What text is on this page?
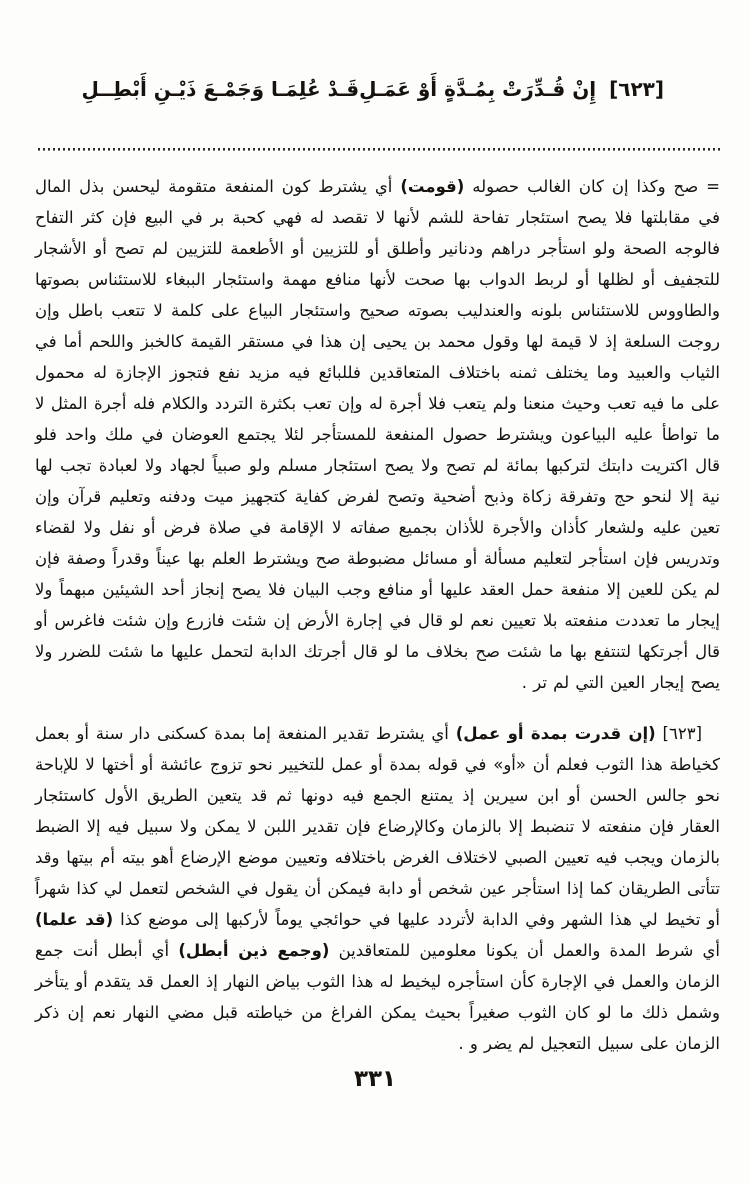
[٦٢٣] إِنْ قُـدِّرَتْ بِمُـدَّةٍ أَوْ عَمَـلِ
قَـدْ عُلِمَـا وَجَمْـعَ ذَيْـنِ أَبْطِــلِ

= صح وكذا إن كان الغالب حصوله (قومت) أي يشترط كون المنفعة متقومة ليحسن بذل المال في مقابلتها فلا يصح استئجار تفاحة للشم لأنها لا تقصد له فهي كحبة بر في البيع فإن كثر التفاح فالوجه الصحة ولو استأجر دراهم ودنانير وأطلق أو للتزيين أو الأطعمة للتزيين لم تصح أو الأشجار للتجفيف أو لظلها أو لربط الدواب بها صحت لأنها منافع مهمة واستئجار الببغاء للاستئناس بصوتها والطاووس للاستئناس بلونه والعندليب بصوته صحيح واستئجار البياع على كلمة لا تتعب باطل وإن روجت السلعة إذ لا قيمة لها وقول محمد بن يحيى إن هذا في مستقر القيمة كالخبز واللحم أما في الثياب والعبيد وما يختلف ثمنه باختلاف المتعاقدين فللبائع فيه مزيد نفع فتجوز الإجازة له محمول على ما فيه تعب وحيث منعنا ولم يتعب فلا أجرة له وإن تعب بكثرة التردد والكلام فله أجرة المثل لا ما تواطأ عليه البياعون ويشترط حصول المنفعة للمستأجر لئلا يجتمع العوضان في ملك واحد فلو قال اكتريت دابتك لتركبها بمائة لم تصح ولا يصح استئجار مسلم ولو صبياً لجهاد ولا لعبادة تجب لها نية إلا لنحو حج وتفرقة زكاة وذبح أضحية وتصح لفرض كفاية كتجهيز ميت ودفنه وتعليم قرآن وإن تعين عليه ولشعار كأذان والأجرة للأذان بجميع صفاته لا الإقامة في صلاة فرض أو نفل ولا لقضاء وتدريس فإن استأجر لتعليم مسألة أو مسائل مضبوطة صح ويشترط العلم بها عيناً وقدراً وصفة فإن لم يكن للعين إلا منفعة حمل العقد عليها أو منافع وجب البيان فلا يصح إنجاز أحد الشيئين مبهماً ولا إيجار ما تعددت منفعته بلا تعيين نعم لو قال في إجارة الأرض إن شئت فازرع وإن شئت فاغرس أو قال أجرتكها لتنتفع بها ما شئت صح بخلاف ما لو قال أجرتك الدابة لتحمل عليها ما شئت للضرر ولا يصح إيجار العين التي لم تر .

[٦٢٣] (إن قدرت بمدة أو عمل) أي يشترط تقدير المنفعة إما بمدة كسكنى دار سنة أو بعمل كخياطة هذا الثوب فعلم أن «أو» في قوله بمدة أو عمل للتخيير نحو تزوج عائشة أو أختها لا للإباحة نحو جالس الحسن أو ابن سيرين إذ يمتنع الجمع فيه دونها ثم قد يتعين الطريق الأول كاستئجار العقار فإن منفعته لا تنضبط إلا بالزمان وكالإرضاع فإن تقدير اللبن لا يمكن ولا سبيل فيه إلا الضبط بالزمان ويجب فيه تعيين الصبي لاختلاف الغرض باختلافه وتعيين موضع الإرضاع أهو بيته أم بيتها وقد تتأتى الطريقان كما إذا استأجر عين شخص أو دابة فيمكن أن يقول في الشخص لتعمل لي كذا شهراً أو تخيط لي هذا الشهر وفي الدابة لأتردد عليها في حوائجي يوماً لأركبها إلى موضع كذا (قد علما) أي شرط المدة والعمل أن يكونا معلومين للمتعاقدين (وجمع ذين أبطل) أي أبطل أنت جمع الزمان والعمل في الإجارة كأن استأجره ليخيط له هذا الثوب بياض النهار إذ العمل قد يتقدم أو يتأخر وشمل ذلك ما لو كان الثوب صغيراً بحيث يمكن الفراغ من خياطته قبل مضي النهار نعم إن ذكر الزمان على سبيل التعجيل لم يضر و .

٣٣١
